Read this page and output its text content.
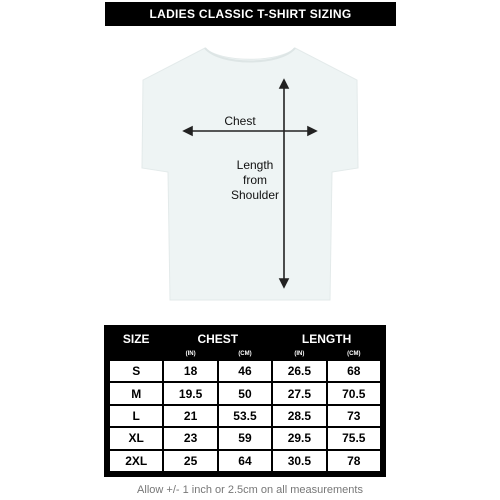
LADIES CLASSIC T-SHIRT SIZING
Chest
Length
from
Shoulder
SIZE	CHEST		LENGTH	
	(IN)	(CM)	(IN)	(CM)
S	18	46	26.5	68
M	19.5	50	27.5	70.5
L	21	53.5	28.5	73
XL	23	59	29.5	75.5
2XL	25	64	30.5	78
Allow +/- 1 inch or 2.5cm on all measurements
